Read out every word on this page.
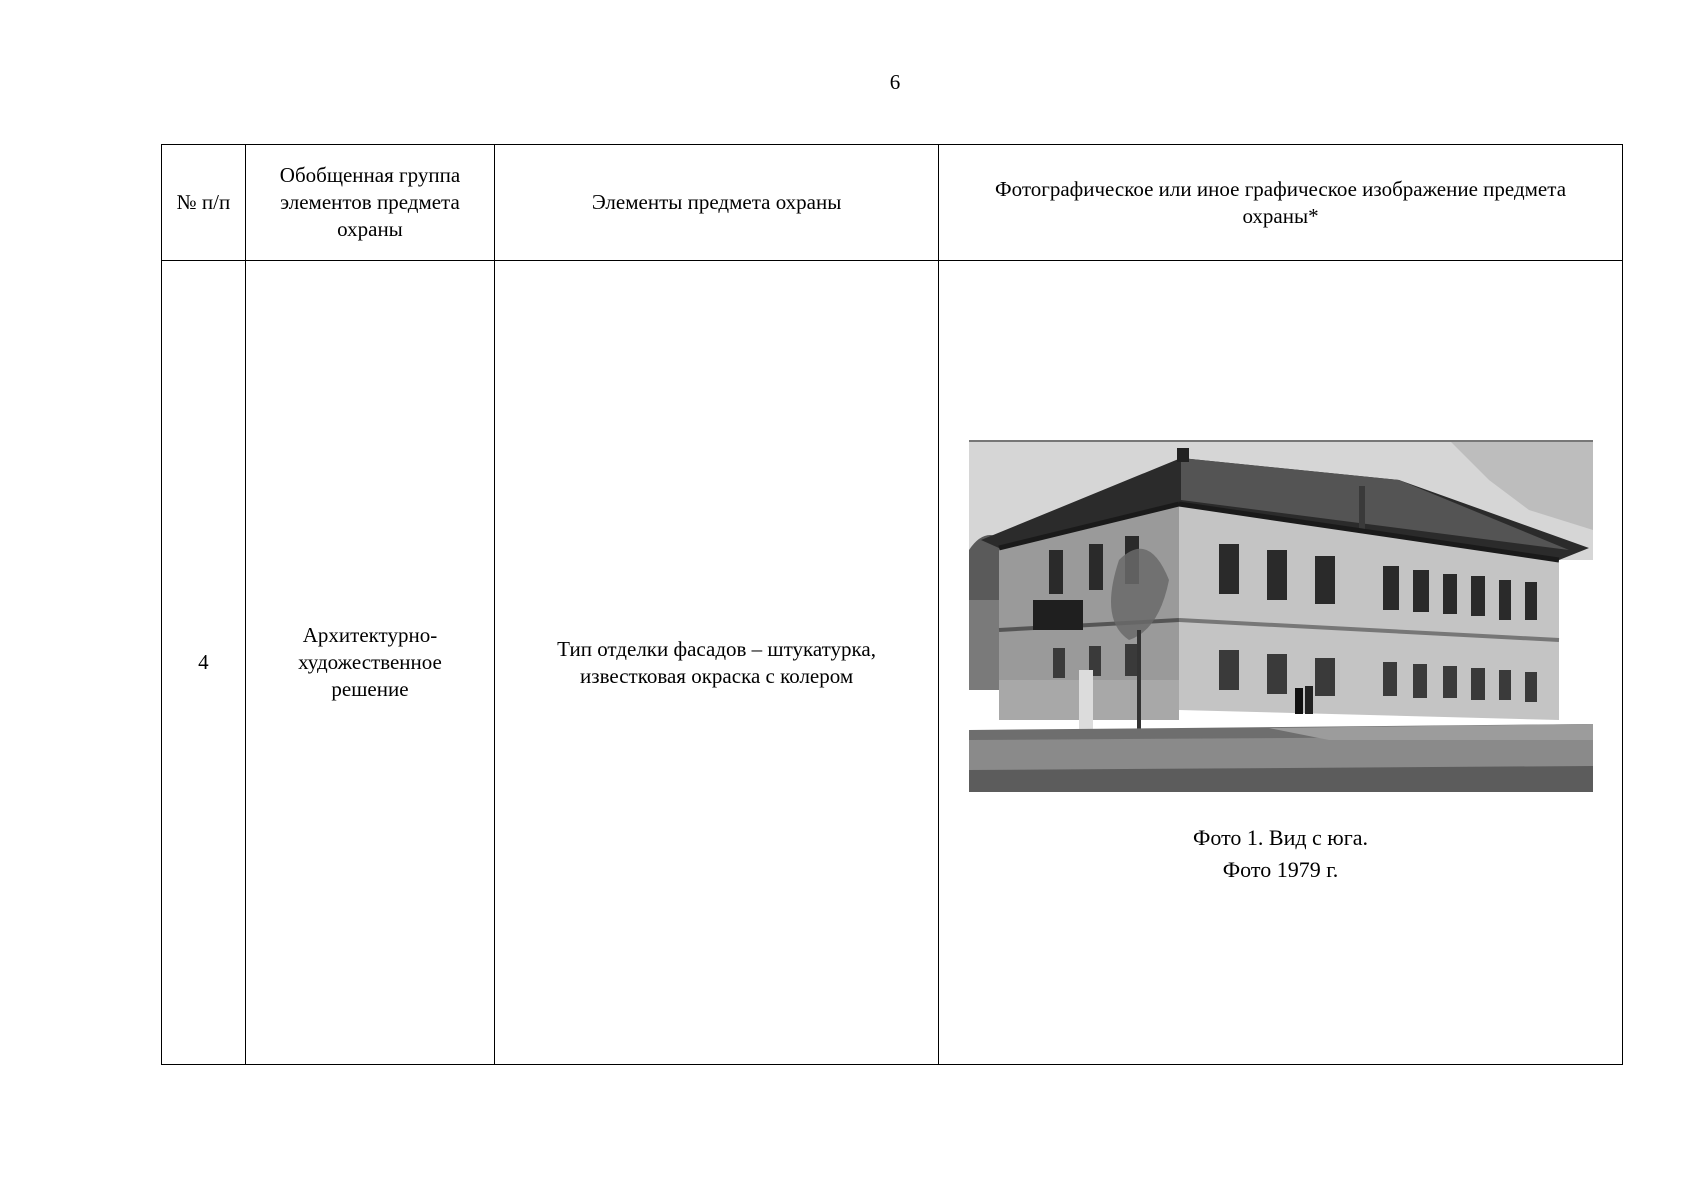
6
№ п/п	Обобщенная группа элементов предмета охраны	Элементы предмета охраны	Фотографическое или иное графическое изображение предмета охраны*
4	Архитектурно-художественное решение	Тип отделки фасадов – штукатурка, известковая окраска с колером	Фото 1. Вид с юга.
Фото 1979 г.
